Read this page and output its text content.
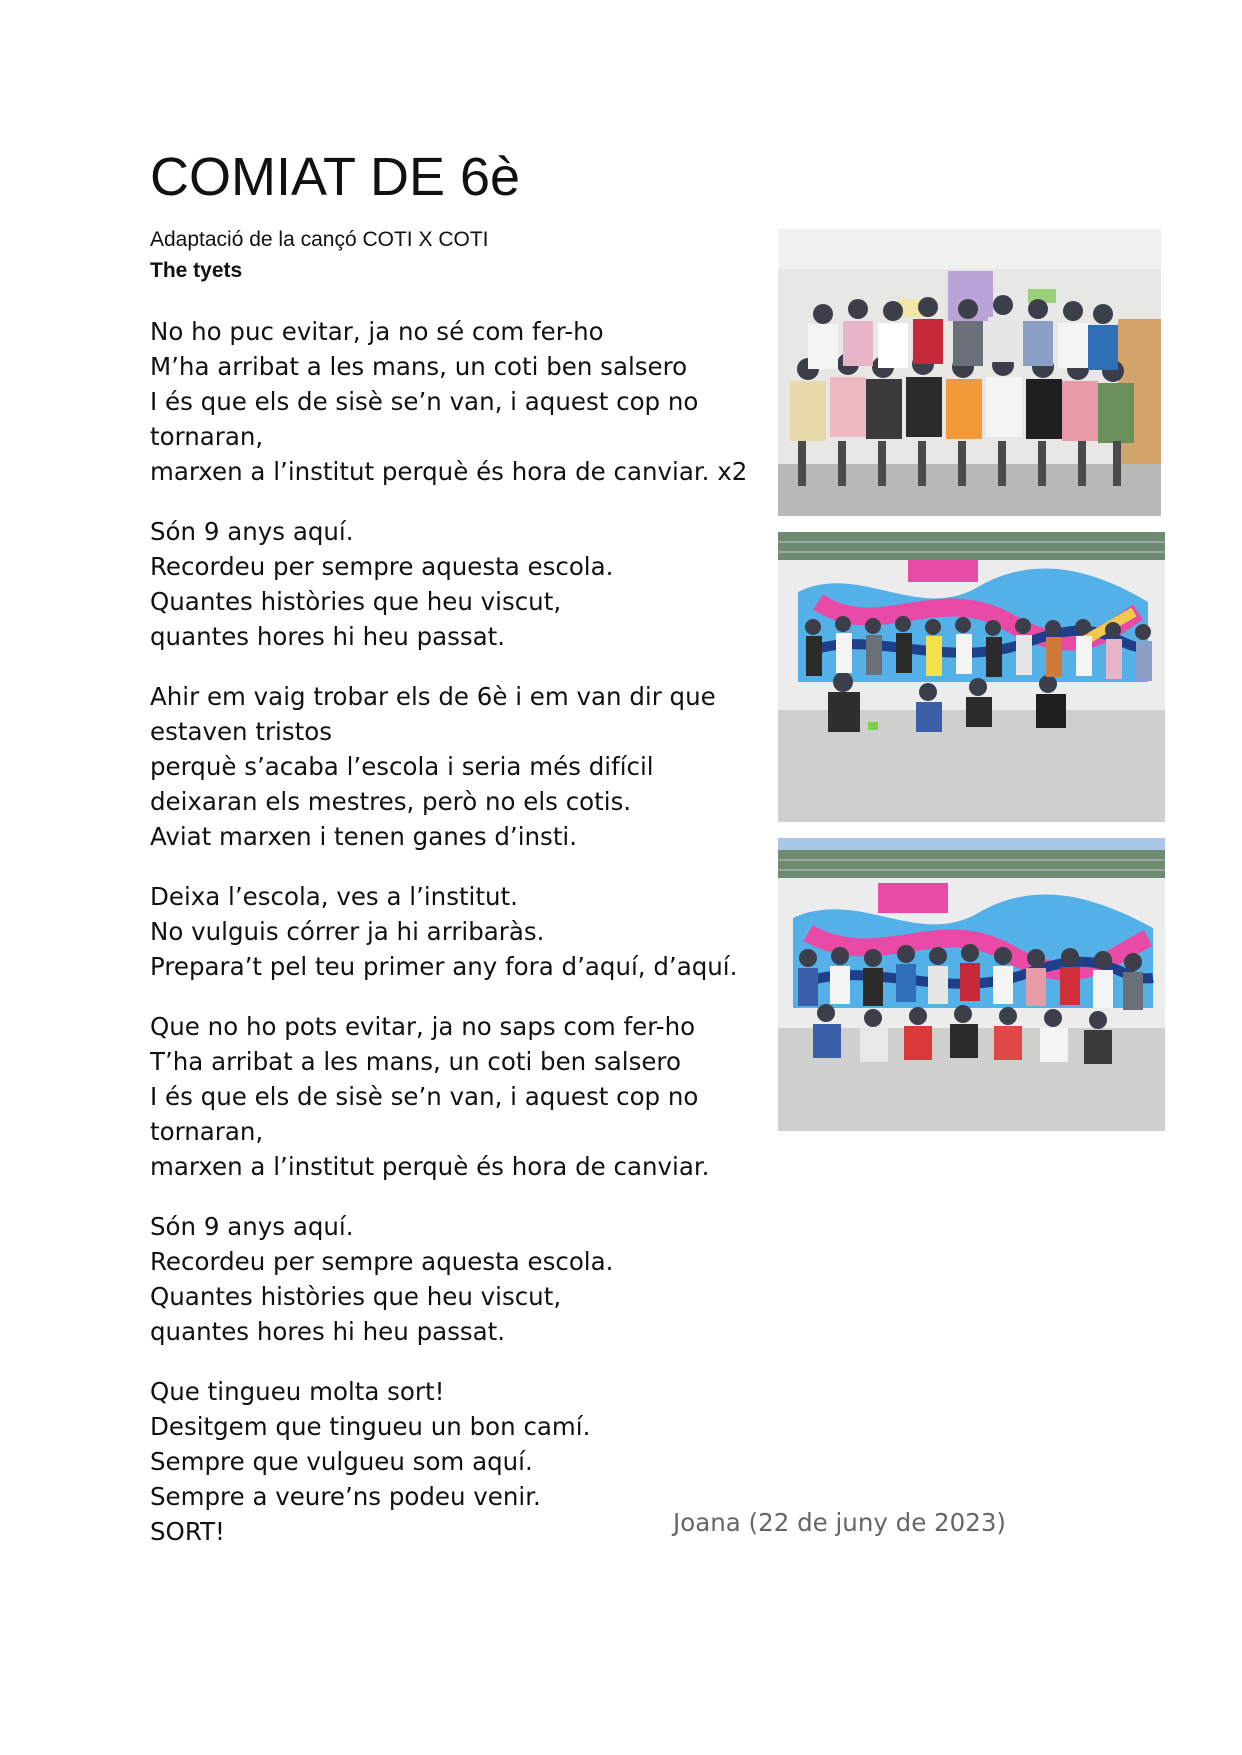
COMIAT DE 6è
Adaptació de la cançó COTI X COTI
The tyets
No ho puc evitar, ja no sé com fer-ho
M’ha arribat a les mans, un coti ben salsero
I és que els de sisè se’n van, i aquest cop no
tornaran,
marxen a l’institut perquè és hora de canviar. x2
Són 9 anys aquí.
Recordeu per sempre aquesta escola.
Quantes històries que heu viscut,
quantes hores hi heu passat.
Ahir em vaig trobar els de 6è i em van dir que
estaven tristos
perquè s’acaba l’escola i seria més difícil
deixaran els mestres, però no els cotis.
Aviat marxen i tenen ganes d’insti.
Deixa l’escola, ves a l’institut.
No vulguis córrer ja hi arribaràs.
Prepara’t pel teu primer any fora d’aquí, d’aquí.
Que no ho pots evitar, ja no saps com fer-ho
T’ha arribat a les mans, un coti ben salsero
I és que els de sisè se’n van, i aquest cop no
tornaran,
marxen a l’institut perquè és hora de canviar.
Són 9 anys aquí.
Recordeu per sempre aquesta escola.
Quantes històries que heu viscut,
quantes hores hi heu passat.
Que tingueu molta sort!
Desitgem que tingueu un bon camí.
Sempre que vulgueu som aquí.
Sempre a veure’ns podeu venir.
SORT!	Joana (22 de juny de 2023)
